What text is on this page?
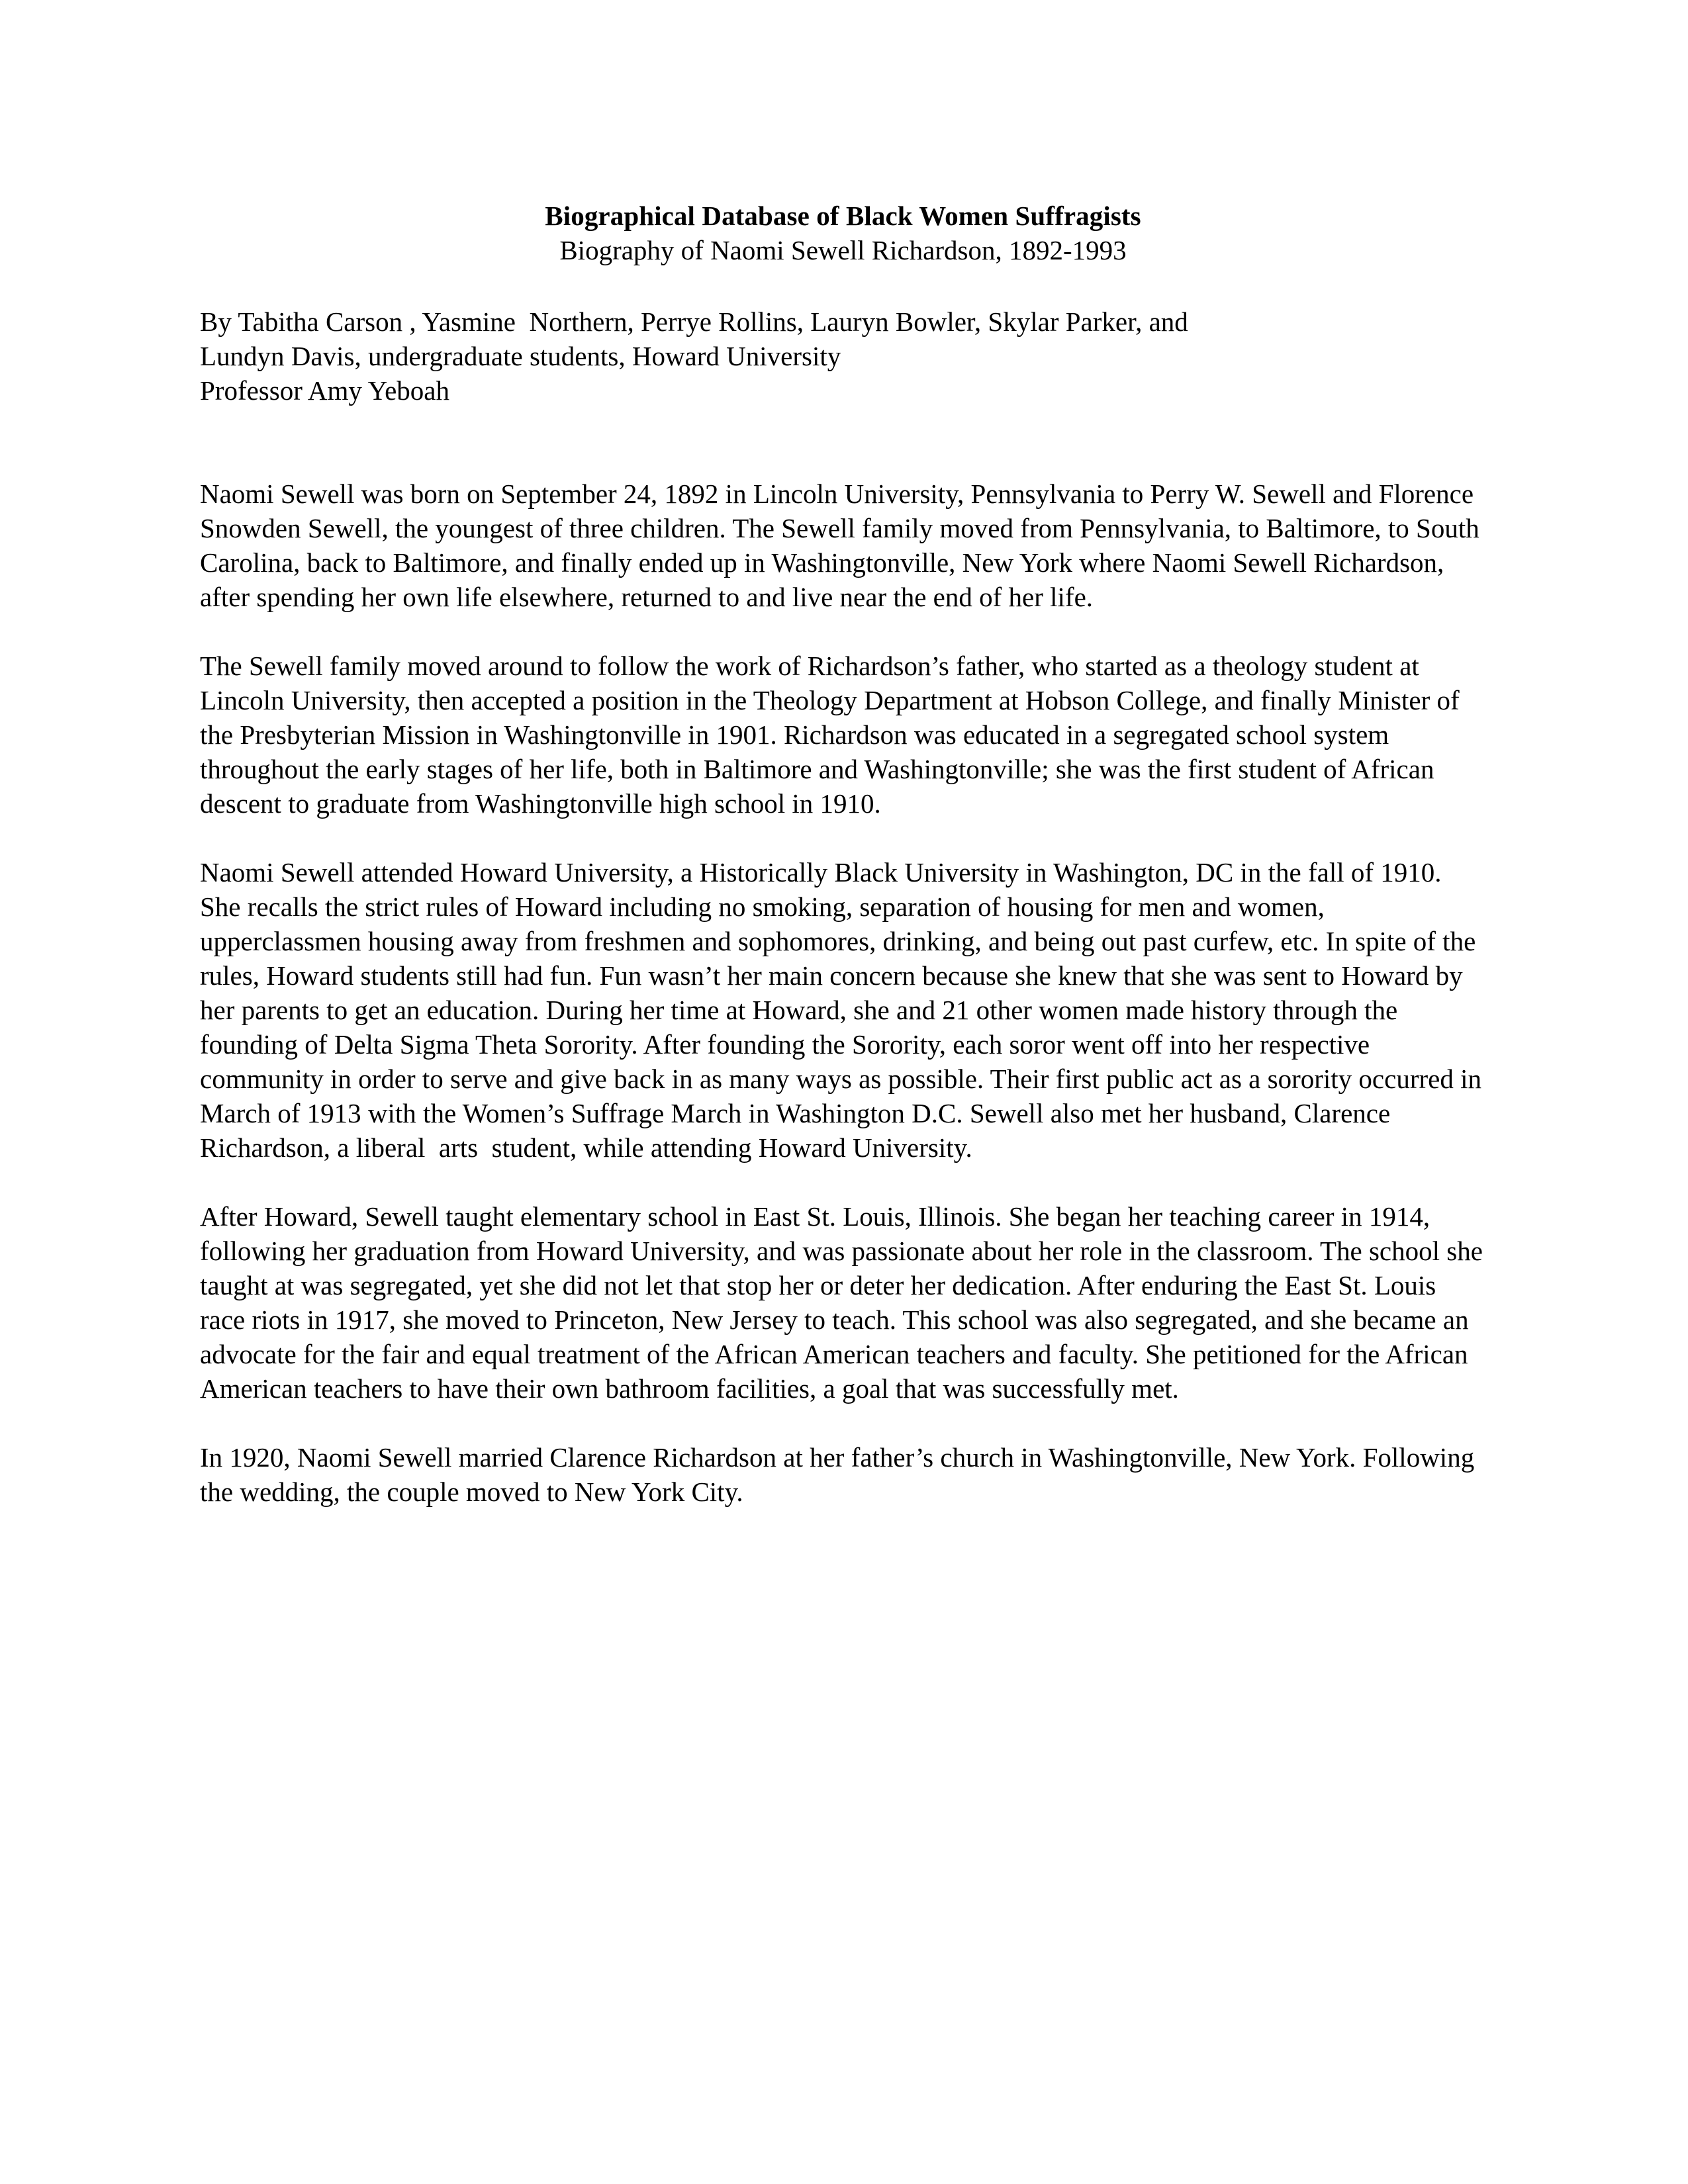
Biographical Database of Black Women Suffragists
Biography of Naomi Sewell Richardson, 1892-1993
By Tabitha Carson , Yasmine  Northern, Perrye Rollins, Lauryn Bowler, Skylar Parker, and
Lundyn Davis, undergraduate students, Howard University
Professor Amy Yeboah

Naomi Sewell was born on September 24, 1892 in Lincoln University, Pennsylvania to Perry W. Sewell and Florence Snowden Sewell, the youngest of three children. The Sewell family moved from Pennsylvania, to Baltimore, to South Carolina, back to Baltimore, and finally ended up in Washingtonville, New York where Naomi Sewell Richardson, after spending her own life elsewhere, returned to and live near the end of her life.

The Sewell family moved around to follow the work of Richardson’s father, who started as a theology student at Lincoln University, then accepted a position in the Theology Department at Hobson College, and finally Minister of the Presbyterian Mission in Washingtonville in 1901. Richardson was educated in a segregated school system throughout the early stages of her life, both in Baltimore and Washingtonville; she was the first student of African descent to graduate from Washingtonville high school in 1910.

Naomi Sewell attended Howard University, a Historically Black University in Washington, DC in the fall of 1910. She recalls the strict rules of Howard including no smoking, separation of housing for men and women, upperclassmen housing away from freshmen and sophomores, drinking, and being out past curfew, etc. In spite of the rules, Howard students still had fun. Fun wasn’t her main concern because she knew that she was sent to Howard by her parents to get an education. During her time at Howard, she and 21 other women made history through the founding of Delta Sigma Theta Sorority. After founding the Sorority, each soror went off into her respective community in order to serve and give back in as many ways as possible. Their first public act as a sorority occurred in March of 1913 with the Women’s Suffrage March in Washington D.C. Sewell also met her husband, Clarence Richardson, a liberal  arts  student, while attending Howard University.

After Howard, Sewell taught elementary school in East St. Louis, Illinois. She began her teaching career in 1914, following her graduation from Howard University, and was passionate about her role in the classroom. The school she taught at was segregated, yet she did not let that stop her or deter her dedication. After enduring the East St. Louis race riots in 1917, she moved to Princeton, New Jersey to teach. This school was also segregated, and she became an advocate for the fair and equal treatment of the African American teachers and faculty. She petitioned for the African American teachers to have their own bathroom facilities, a goal that was successfully met.

In 1920, Naomi Sewell married Clarence Richardson at her father’s church in Washingtonville, New York. Following the wedding, the couple moved to New York City.
